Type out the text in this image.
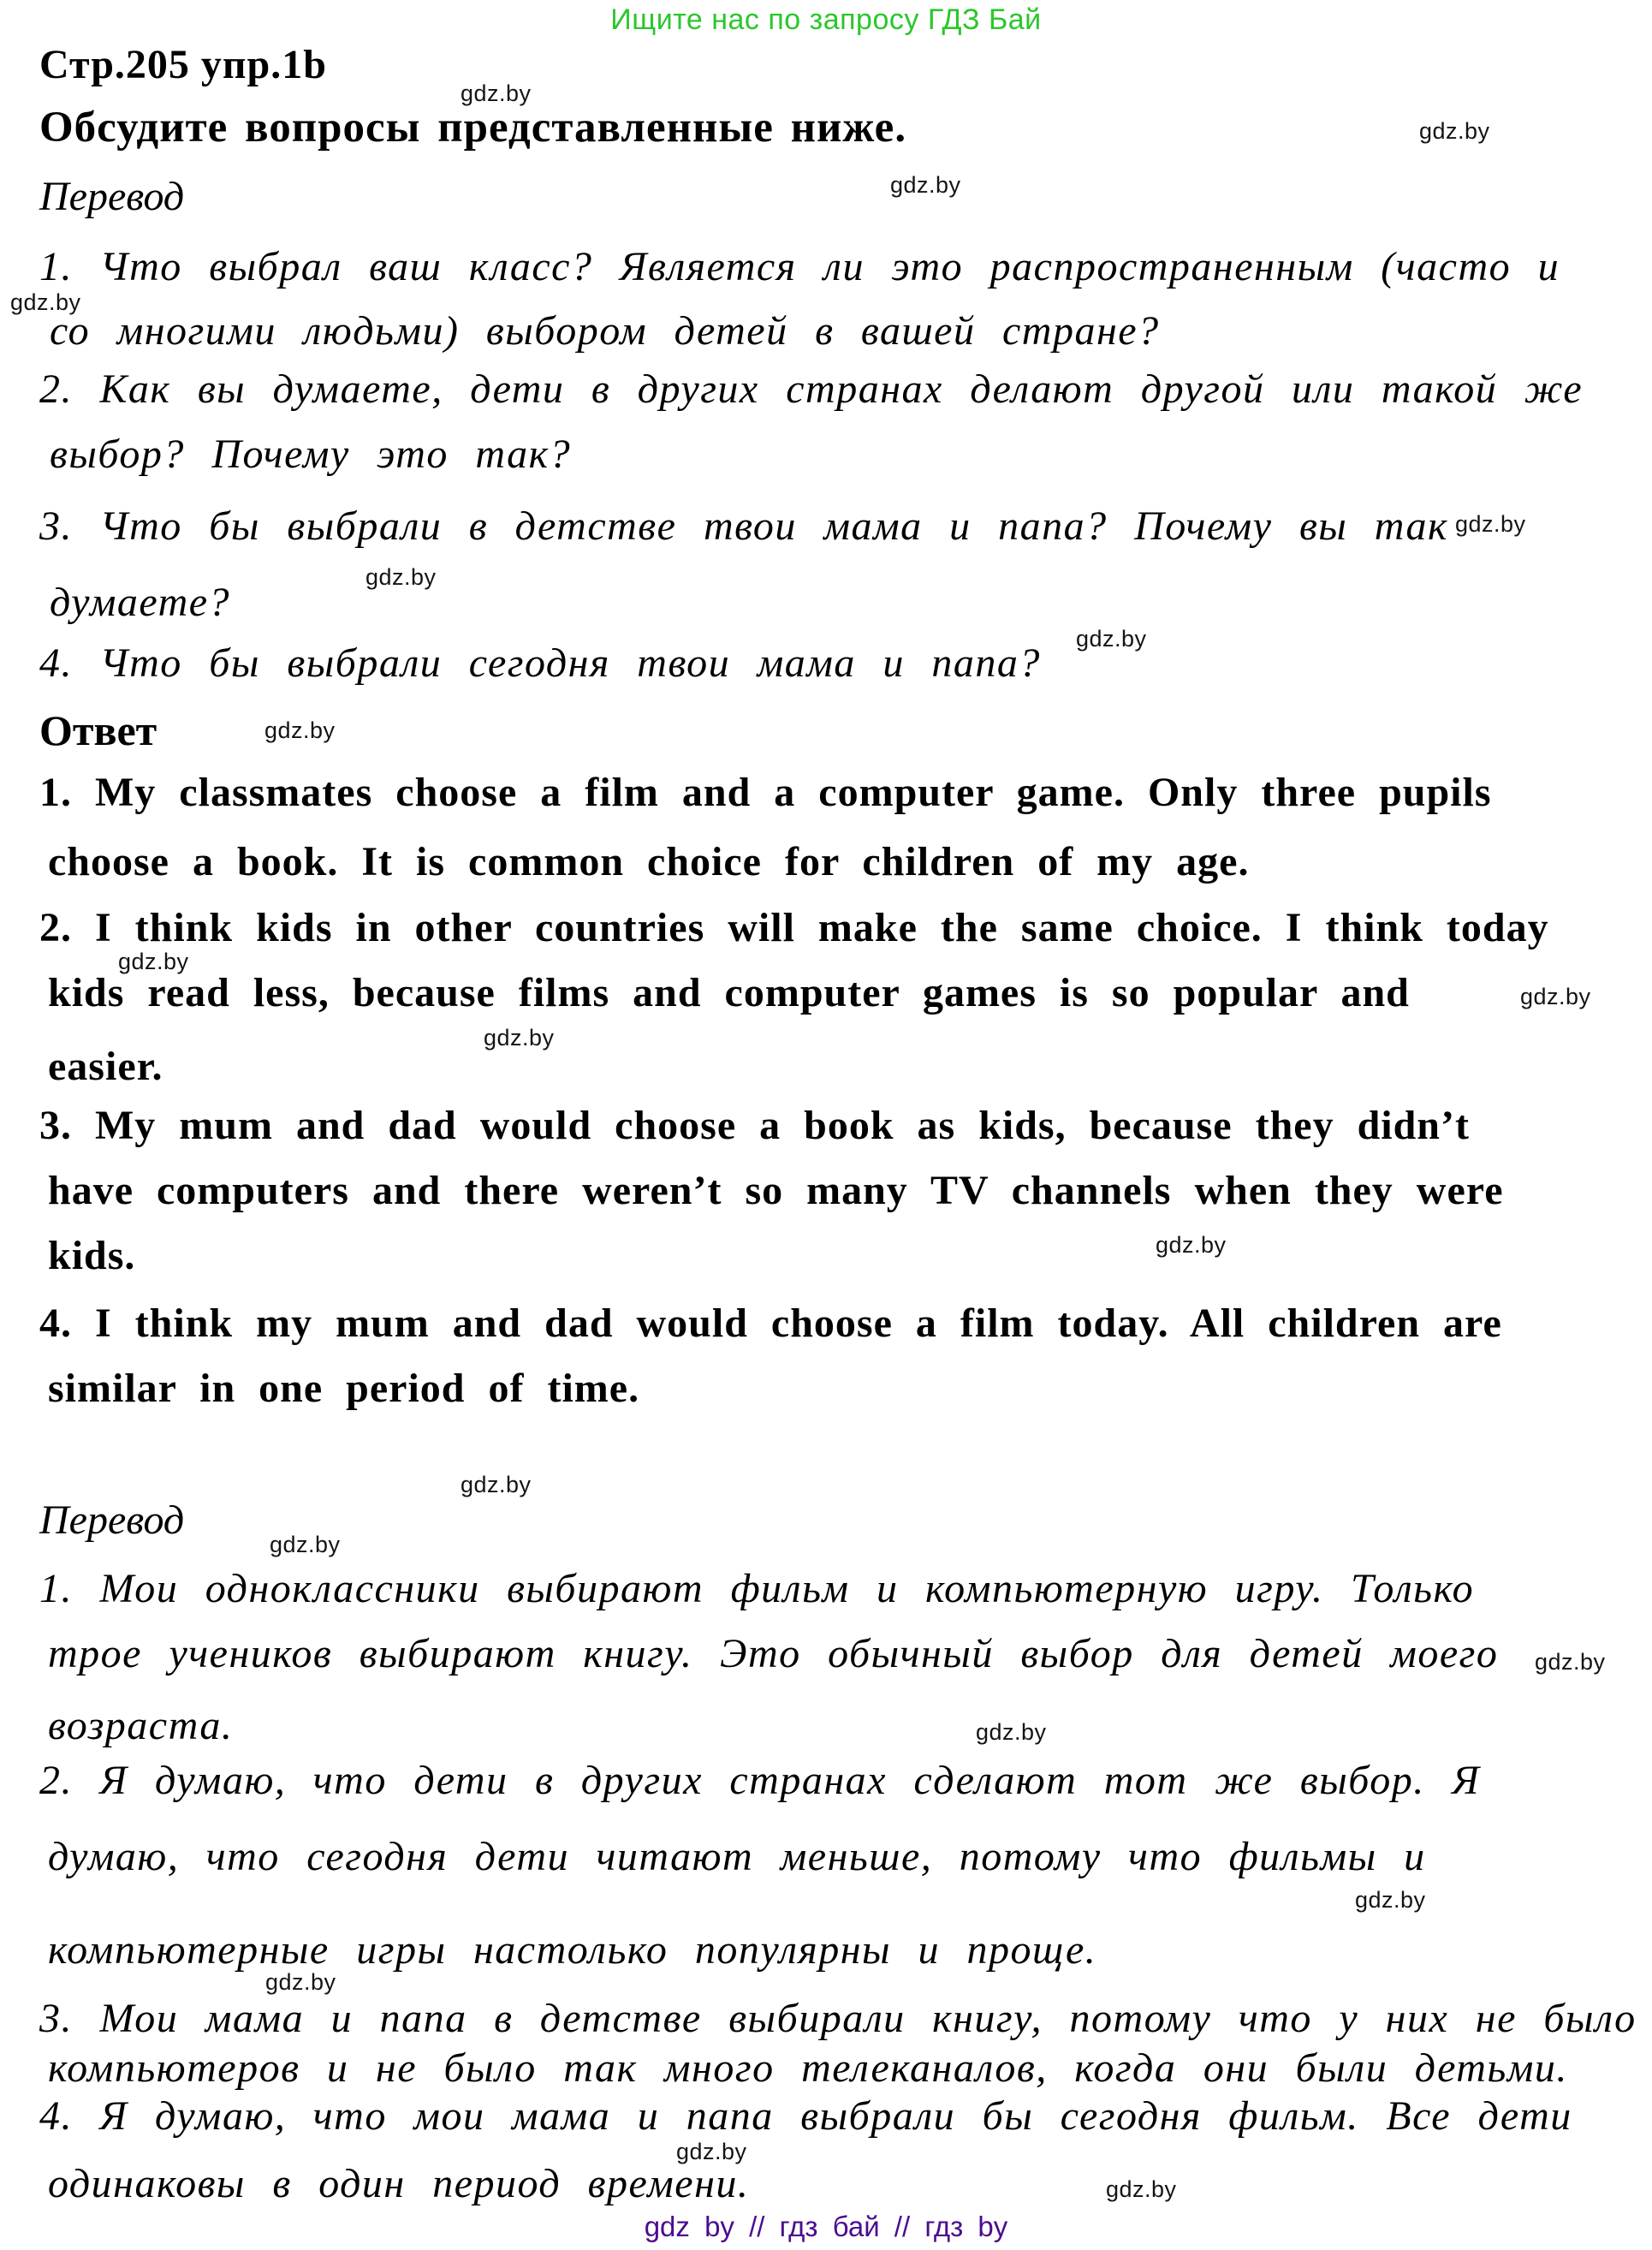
Ищите нас по запросу ГДЗ Бай
Стр.205 упр.1b
Обсудите вопросы представленные ниже.
Перевод
1. Что выбрал ваш класс? Является ли это распространенным (часто и
со многими людьми) выбором детей в вашей стране?
2. Как вы думаете, дети в других странах делают другой или такой же
выбор? Почему это так?
3. Что бы выбрали в детстве твои мама и папа? Почему вы так
думаете?
4. Что бы выбрали сегодня твои мама и папа?
Ответ
1. My classmates choose a film and a computer game. Only three pupils
choose a book. It is common choice for children of my age.
2. I think kids in other countries will make the same choice. I think today
kids read less, because films and computer games is so popular and
easier.
3. My mum and dad would choose a book as kids, because they didn’t
have computers and there weren’t so many TV channels when they were
kids.
4. I think my mum and dad would choose a film today. All children are
similar in one period of time.
Перевод
1. Мои одноклассники выбирают фильм и компьютерную игру. Только
трое учеников выбирают книгу. Это обычный выбор для детей моего
возраста.
2. Я думаю, что дети в других странах сделают тот же выбор. Я
думаю, что сегодня дети читают меньше, потому что фильмы и
компьютерные игры настолько популярны и проще.
3. Мои мама и папа в детстве выбирали книгу, потому что у них не было
компьютеров и не было так много телеканалов, когда они были детьми.
4. Я думаю, что мои мама и папа выбрали бы сегодня фильм. Все дети
одинаковы в один период времени.
gdz.by
gdz.by
gdz.by
gdz.by
gdz.by
gdz.by
gdz.by
gdz.by
gdz.by
gdz.by
gdz.by
gdz.by
gdz.by
gdz.by
gdz.by
gdz.by
gdz.by
gdz.by
gdz.by
gdz.by
gdz by // гдз бай // гдз by
